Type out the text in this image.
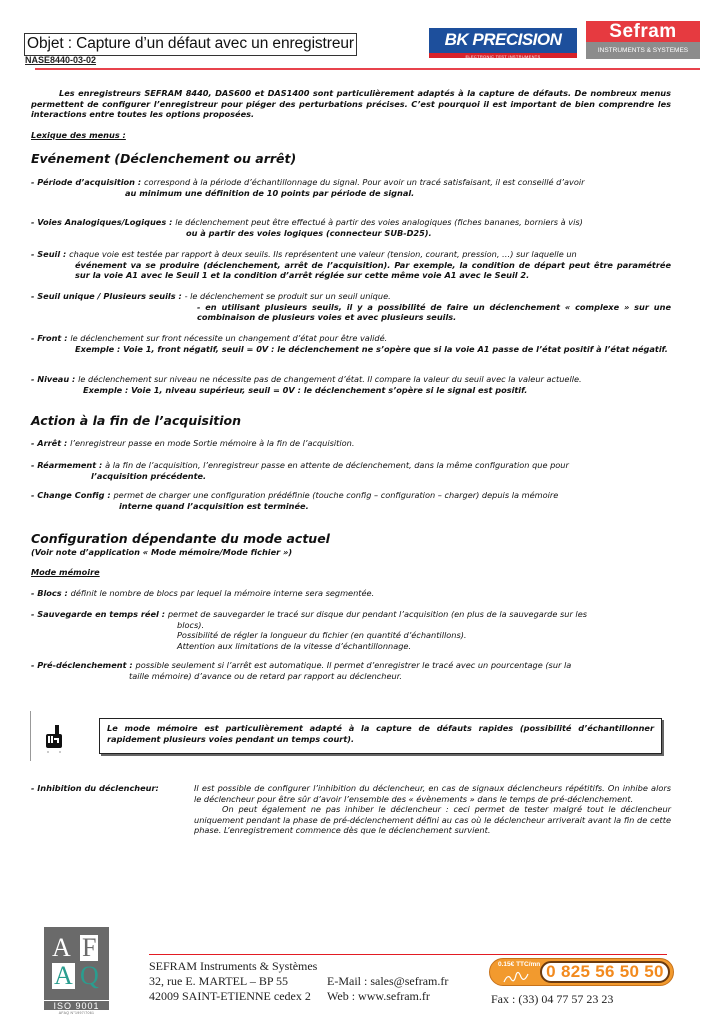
Objet : Capture d’un défaut avec un enregistreur
NASE8440-03-02
BK PRECISION
ELECTRONIC TEST INSTRUMENTS
Sefram
INSTRUMENTS & SYSTEMES
Les enregistreurs SEFRAM 8440, DAS600 et DAS1400 sont particulièrement adaptés à la capture de défauts. De nombreux menus permettent de configurer l’enregistreur pour piéger des perturbations précises. C’est pourquoi il est important de bien comprendre les interactions entre toutes les options proposées.
Lexique des menus :
Evénement (Déclenchement ou arrêt)
- Période d’acquisition : correspond à la période d’échantillonnage du signal. Pour avoir un tracé satisfaisant, il est conseillé d’avoir
au minimum une définition de 10 points par période de signal.
- Voies Analogiques/Logiques : le déclenchement peut être effectué à partir des voies analogiques (fiches bananes, borniers à vis)
ou à partir des voies logiques (connecteur SUB-D25).
- Seuil : chaque voie est testée par rapport à deux seuils. Ils représentent une valeur (tension, courant, pression, …) sur laquelle un
événement va se produire (déclenchement, arrêt de l’acquisition). Par exemple, la condition de départ peut être paramétrée sur la voie A1 avec le Seuil 1 et la condition d’arrêt réglée sur cette même voie A1 avec le Seuil 2.
- Seuil unique / Plusieurs seuils : - le déclenchement se produit sur un seuil unique.
- en utilisant plusieurs seuils, il y a possibilité de faire un déclenchement « complexe » sur une combinaison de plusieurs voies et avec plusieurs seuils.
- Front : le déclenchement sur front nécessite un changement d’état pour être validé.
Exemple : Voie 1, front négatif, seuil = 0V : le déclenchement ne s’opère que si la voie A1 passe de l’état positif à l’état négatif.
- Niveau : le déclenchement sur niveau ne nécessite pas de changement d’état. Il compare la valeur du seuil avec la valeur actuelle.
Exemple : Voie 1, niveau supérieur, seuil = 0V : le déclenchement s’opère si le signal est positif.
Action à la fin de l’acquisition
- Arrêt : l’enregistreur passe en mode Sortie mémoire à la fin de l’acquisition.
- Réarmement : à la fin de l’acquisition, l’enregistreur passe en attente de déclenchement, dans la même configuration que pour
l’acquisition précédente.
- Change Config : permet de charger une configuration prédéfinie (touche config – configuration – charger) depuis la mémoire
interne quand l’acquisition est terminée.
Configuration dépendante du mode actuel
(Voir note d’application « Mode mémoire/Mode fichier »)
Mode mémoire
- Blocs : définit le nombre de blocs par lequel la mémoire interne sera segmentée.
- Sauvegarde en temps réel : permet de sauvegarder le tracé sur disque dur pendant l’acquisition (en plus de la sauvegarde sur les
blocs).
Possibilité de régler la longueur du fichier (en quantité d’échantillons).
Attention aux limitations de la vitesse d’échantillonnage.
- Pré-déclenchement : possible seulement si l’arrêt est automatique. Il permet d’enregistrer le tracé avec un pourcentage (sur la
taille mémoire) d’avance ou de retard par rapport au déclencheur.
Le mode mémoire est particulièrement adapté à la capture de défauts rapides (possibilité d’échantillonner rapidement plusieurs voies pendant un temps court).
- Inhibition du déclencheur:	Il est possible de configurer l’inhibition du déclencheur, en cas de signaux déclencheurs répétitifs. On inhibe alors le déclencheur pour être sûr d’avoir l’ensemble des « évènements » dans le temps de pré-déclenchement.
On peut également ne pas inhiber le déclencheur : ceci permet de tester malgré tout le déclencheur uniquement pendant la phase de pré-déclenchement défini au cas où le déclencheur arriverait avant la fin de cette phase. L’enregistrement commence dès que le déclenchement survient.
A F
A Q
ISO 9001
AFAQ N°1997/7061
SEFRAM Instruments & Systèmes
32, rue E. MARTEL – BP 55
42009 SAINT-ETIENNE cedex 2
E-Mail : sales@sefram.fr
Web : www.sefram.fr
0.15€ TTC/mn 0 825 56 50 50
Fax : (33) 04 77 57 23 23
